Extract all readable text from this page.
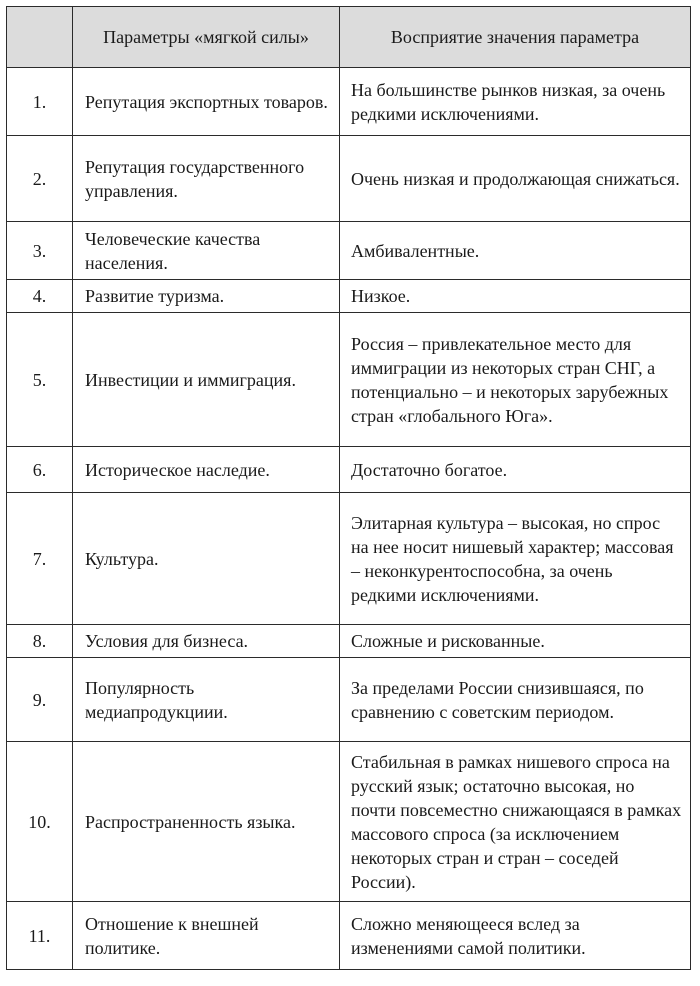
	Параметры «мягкой силы»	Восприятие значения параметра
1.	Репутация экспортных товаров.	На большинстве рынков низкая, за очень редкими исключениями.
2.	Репутация государственного управления.	Очень низкая и продолжающая снижаться.
3.	Человеческие качества населения.	Амбивалентные.
4.	Развитие туризма.	Низкое.
5.	Инвестиции и иммиграция.	Россия – привлекательное место для иммиграции из некоторых стран СНГ, а потенциально – и некоторых зарубежных стран «глобального Юга».
6.	Историческое наследие.	Достаточно богатое.
7.	Культура.	Элитарная культура – высокая, но спрос на нее носит нишевый характер; массовая – неконкурентоспособна, за очень редкими исключениями.
8.	Условия для бизнеса.	Сложные и рискованные.
9.	Популярность медиапродукциии.	За пределами России снизившаяся, по сравнению с советским периодом.
10.	Распространенность языка.	Стабильная в рамках нишевого спроса на русский язык; остаточно высокая, но почти повсеместно снижающаяся в рамках массового спроса (за исключением некоторых стран и стран – соседей России).
11.	Отношение к внешней политике.	Сложно меняющееся вслед за изменениями самой политики.
